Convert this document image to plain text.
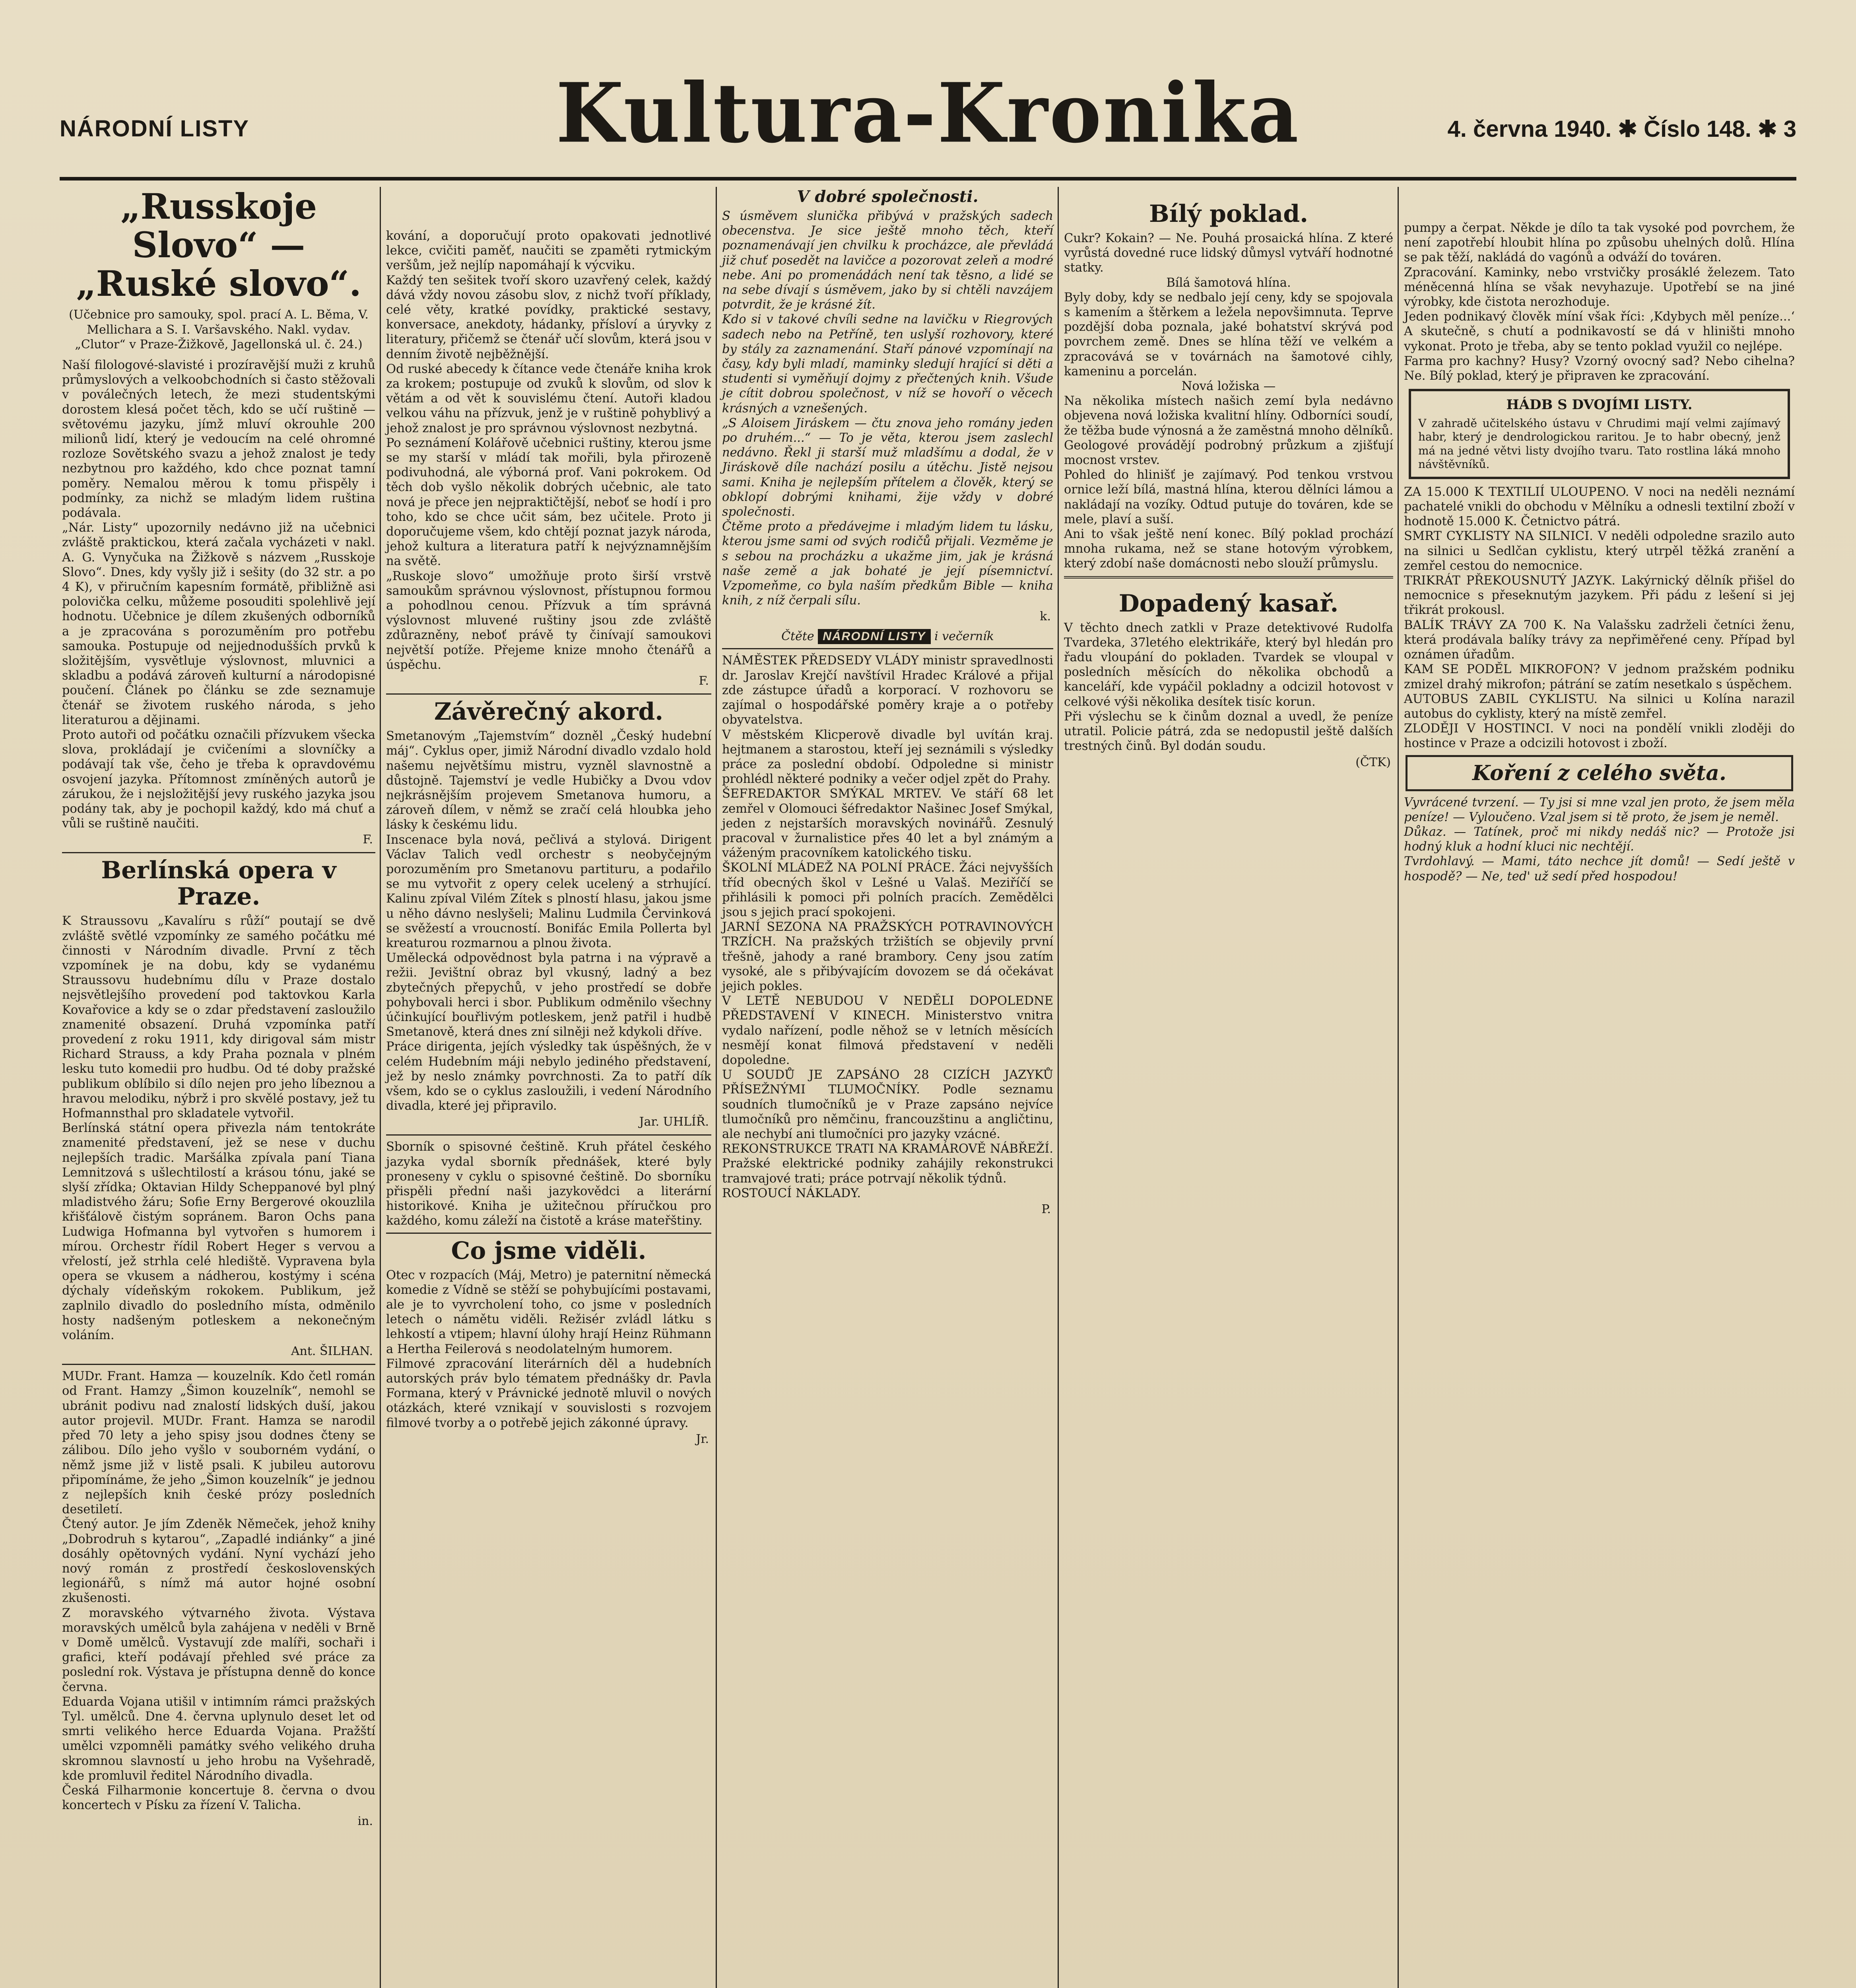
NÁRODNÍ LISTY	Kultura-Kronika	4. června 1940. ✱ Číslo 148. ✱ 3
„Russkoje Slovo“ — „Ruské slovo“.
(Učebnice pro samouky, spol. prací A. L. Běma, V. Mellichara a S. I. Varšavského. Nakl. vydav. „Clutor“ v Praze-Žižkově, Jagellonská ul. č. 24.)

Naší filologové-slavisté i prozíravější muži z kruhů průmyslových a velkoobchodních si často stěžovali v poválečných letech, že mezi studentskými dorostem klesá počet těch, kdo se učí ruštině — světovému jazyku, jímž mluví okrouhle 200 milionů lidí, který je vedoucím na celé ohromné rozloze Sovětského svazu a jehož znalost je tedy nezbytnou pro každého, kdo chce poznat tamní poměry. Nemalou měrou k tomu přispěly i podmínky, za nichž se mladým lidem ruština podávala.

„Nár. Listy“ upozornily nedávno již na učebnici zvláště praktickou, která začala vycházeti v nakl. A. G. Vynyčuka na Žižkově s názvem „Russkoje Slovo“. Dnes, kdy vyšly již i sešity (do 32 str. a po 4 K), v přiručním kapesním formátě, přibližně asi polovička celku, můžeme posouditi spolehlivě její hodnotu. Učebnice je dílem zkušených odborníků a je zpracována s porozuměním pro potřebu samouka. Postupuje od nejjednodušších prvků k složitějším, vysvětluje výslovnost, mluvnici a skladbu a podává zároveň kulturní a národopisné poučení. Článek po článku se zde seznamuje čtenář se životem ruského národa, s jeho literaturou a dějinami.

Proto autoři od počátku označili přízvukem všecka slova, prokládají je cvičeními a slovníčky a podávají tak vše, čeho je třeba k opravdovému osvojení jazyka. Přítomnost zmíněných autorů je zárukou, že i nejsložitější jevy ruského jazyka jsou podány tak, aby je pochopil každý, kdo má chuť a vůli se ruštině naučiti.

F.
Berlínská opera v Praze.

K Straussovu „Kavalíru s růží“ poutají se dvě zvláště světlé vzpomínky ze samého počátku mé činnosti v Národním divadle. První z těch vzpomínek je na dobu, kdy se vydanému Straussovu hudebnímu dílu v Praze dostalo nejsvětlejšího provedení pod taktovkou Karla Kovařovice a kdy se o zdar představení zasloužilo znamenité obsazení. Druhá vzpomínka patří provedení z roku 1911, kdy dirigoval sám mistr Richard Strauss, a kdy Praha poznala v plném lesku tuto komedii pro hudbu. Od té doby pražské publikum oblíbilo si dílo nejen pro jeho líbeznou a hravou melodiku, nýbrž i pro skvělé postavy, jež tu Hofmannsthal pro skladatele vytvořil.

Berlínská státní opera přivezla nám tentokráte znamenité představení, jež se nese v duchu nejlepších tradic. Maršálka zpívala paní Tiana Lemnitzová s ušlechtilostí a krásou tónu, jaké se slyší zřídka; Oktavian Hildy Scheppanové byl plný mladistvého žáru; Sofie Erny Bergerové okouzlila křišťálově čistým sopránem. Baron Ochs pana Ludwiga Hofmanna byl vytvořen s humorem i mírou. Orchestr řídil Robert Heger s vervou a vřelostí, jež strhla celé hlediště. Vypravena byla opera se vkusem a nádherou, kostýmy i scéna dýchaly vídeňským rokokem. Publikum, jež zaplnilo divadlo do posledního místa, odměnilo hosty nadšeným potleskem a nekonečným voláním.

Ant. ŠILHAN.

MUDr. Frant. Hamza — kouzelník. Kdo četl román od Frant. Hamzy „Šimon kouzelník“, nemohl se ubránit podivu nad znalostí lidských duší, jakou autor projevil. MUDr. Frant. Hamza se narodil před 70 lety a jeho spisy jsou dodnes čteny se zálibou. Dílo jeho vyšlo v souborném vydání, o němž jsme již v listě psali. K jubileu autorovu připomínáme, že jeho „Šimon kouzelník“ je jednou z nejlepších knih české prózy posledních desetiletí.

Čtený autor. Je jím Zdeněk Němeček, jehož knihy „Dobrodruh s kytarou“, „Zapadlé indiánky“ a jiné dosáhly opětovných vydání. Nyní vychází jeho nový román z prostředí československých legionářů, s nímž má autor hojné osobní zkušenosti.

Z moravského výtvarného života. Výstava moravských umělců byla zahájena v neděli v Brně v Domě umělců. Vystavují zde malíři, sochaři i grafici, kteří podávají přehled své práce za poslední rok. Výstava je přístupna denně do konce června.

Eduarda Vojana utišil v intimním rámci pražských Tyl. umělců. Dne 4. června uplynulo deset let od smrti velikého herce Eduarda Vojana. Pražští umělci vzpomněli památky svého velikého druha skromnou slavností u jeho hrobu na Vyšehradě, kde promluvil ředitel Národního divadla.

Česká Filharmonie koncertuje 8. června o dvou koncertech v Písku za řízení V. Talicha.

in.

kování, a doporučují proto opakovati jednotlivé lekce, cvičiti paměť, naučiti se zpaměti rytmickým veršům, jež nejlíp napomáhají k výcviku.

Každý ten sešitek tvoří skoro uzavřený celek, každý dává vždy novou zásobu slov, z nichž tvoří příklady, celé věty, kratké povídky, praktické sestavy, konversace, anekdoty, hádanky, přísloví a úryvky z literatury, přičemž se čtenář učí slovům, která jsou v denním životě nejběžnější.

Od ruské abecedy k čítance vede čtenáře kniha krok za krokem; postupuje od zvuků k slovům, od slov k větám a od vět k souvislému čtení. Autoři kladou velkou váhu na přízvuk, jenž je v ruštině pohyblivý a jehož znalost je pro správnou výslovnost nezbytná.

Po seznámení Kolářově učebnici ruštiny, kterou jsme se my starší v mládí tak mořili, byla přirozeně podivuhodná, ale výborná prof. Vani pokrokem. Od těch dob vyšlo několik dobrých učebnic, ale tato nová je přece jen nejpraktičtější, neboť se hodí i pro toho, kdo se chce učit sám, bez učitele. Proto ji doporučujeme všem, kdo chtějí poznat jazyk národa, jehož kultura a literatura patří k nejvýznamnějším na světě.

„Ruskoje slovo“ umožňuje proto širší vrstvě samoukům správnou výslovnost, přístupnou formou a pohodlnou cenou. Přízvuk a tím správná výslovnost mluvené ruštiny jsou zde zvláště zdůrazněny, neboť právě ty činívají samoukovi největší potíže. Přejeme knize mnoho čtenářů a úspěchu.

F.
Závěrečný akord.

Smetanovým „Tajemstvím“ dozněl „Český hudební máj“. Cyklus oper, jimiž Národní divadlo vzdalo hold našemu největšímu mistru, vyzněl slavnostně a důstojně. Tajemství je vedle Hubičky a Dvou vdov nejkrásnějším projevem Smetanova humoru, a zároveň dílem, v němž se zračí celá hloubka jeho lásky k českému lidu.

Inscenace byla nová, pečlivá a stylová. Dirigent Václav Talich vedl orchestr s neobyčejným porozuměním pro Smetanovu partituru, a podařilo se mu vytvořit z opery celek ucelený a strhující. Kalinu zpíval Vilém Zítek s plností hlasu, jakou jsme u něho dávno neslyšeli; Malinu Ludmila Červinková se svěžestí a vroucností. Bonifác Emila Pollerta byl kreaturou rozmarnou a plnou života.

Umělecká odpovědnost byla patrna i na výpravě a režii. Jevištní obraz byl vkusný, ladný a bez zbytečných přepychů, v jeho prostředí se dobře pohybovali herci i sbor. Publikum odměnilo všechny účinkující bouřlivým potleskem, jenž patřil i hudbě Smetanově, která dnes zní silněji než kdykoli dříve.

Práce dirigenta, jejích výsledky tak úspěšných, že v celém Hudebním máji nebylo jediného představení, jež by neslo známky povrchnosti. Za to patří dík všem, kdo se o cyklus zasloužili, i vedení Národního divadla, které jej připravilo.

Jar. UHLÍŘ.

Sborník o spisovné češtině. Kruh přátel českého jazyka vydal sborník přednášek, které byly proneseny v cyklu o spisovné češtině. Do sborníku přispěli přední naši jazykovědci a literární historikové. Kniha je užitečnou příručkou pro každého, komu záleží na čistotě a kráse mateřštiny.

Co jsme viděli.

Otec v rozpacích (Máj, Metro) je paternitní německá komedie z Vídně se stěží se pohybujícími postavami, ale je to vyvrcholení toho, co jsme v posledních letech o námětu viděli. Režisér zvládl látku s lehkostí a vtipem; hlavní úlohy hrají Heinz Rühmann a Hertha Feilerová s neodolatelným humorem.

Filmové zpracování literárních děl a hudebních autorských práv bylo tématem přednášky dr. Pavla Formana, který v Právnické jednotě mluvil o nových otázkách, které vznikají v souvislosti s rozvojem filmové tvorby a o potřebě jejich zákonné úpravy.

Jr.
V dobré společnosti.

S úsměvem slunička přibývá v pražských sadech obecenstva. Je sice ještě mnoho těch, kteří poznamenávají jen chvilku k procházce, ale převládá již chuť posedět na lavičce a pozorovat zeleň a modré nebe. Ani po promenádách není tak těsno, a lidé se na sebe dívají s úsměvem, jako by si chtěli navzájem potvrdit, že je krásné žít.

Kdo si v takové chvíli sedne na lavičku v Riegrových sadech nebo na Petříně, ten uslyší rozhovory, které by stály za zaznamenání. Staří pánové vzpomínají na časy, kdy byli mladí, maminky sledují hrající si děti a studenti si vyměňují dojmy z přečtených knih. Všude je cítit dobrou společnost, v níž se hovoří o věcech krásných a vznešených.

„S Aloisem Jiráskem — čtu znova jeho romány jeden po druhém...“ — To je věta, kterou jsem zaslechl nedávno. Řekl ji starší muž mladšímu a dodal, že v Jiráskově díle nachází posilu a útěchu. Jistě nejsou sami. Kniha je nejlepším přítelem a člověk, který se obklopí dobrými knihami, žije vždy v dobré společnosti.

Čtěme proto a předávejme i mladým lidem tu lásku, kterou jsme sami od svých rodičů přijali. Vezměme je s sebou na procházku a ukažme jim, jak je krásná naše země a jak bohaté je její písemnictví. Vzpomeňme, co byla naším předkům Bible — kniha knih, z níž čerpali sílu.

k.
Čtěte NÁRODNÍ LISTY i večerník

NÁMĚSTEK PŘEDSEDY VLÁDY ministr spravedlnosti dr. Jaroslav Krejčí navštívil Hradec Králové a přijal zde zástupce úřadů a korporací. V rozhovoru se zajímal o hospodářské poměry kraje a o potřeby obyvatelstva.

V městském Klicperově divadle byl uvítán kraj. hejtmanem a starostou, kteří jej seznámili s výsledky práce za poslední období. Odpoledne si ministr prohlédl některé podniky a večer odjel zpět do Prahy.

ŠEFREDAKTOR SMÝKAL MRTEV. Ve stáří 68 let zemřel v Olomouci šéfredaktor Našinec Josef Smýkal, jeden z nejstarších moravských novinářů. Zesnulý pracoval v žurnalistice přes 40 let a byl známým a váženým pracovníkem katolického tisku.

ŠKOLNÍ MLÁDEŽ NA POLNÍ PRÁCE. Žáci nejvyšších tříd obecných škol v Lešné u Valaš. Meziříčí se přihlásili k pomoci při polních pracích. Zemědělci jsou s jejich prací spokojeni.

JARNÍ SEZONA NA PRAŽSKÝCH POTRAVINOVÝCH TRZÍCH. Na pražských tržištích se objevily první třešně, jahody a rané brambory. Ceny jsou zatím vysoké, ale s přibývajícím dovozem se dá očekávat jejich pokles.

V LETĚ NEBUDOU V NEDĚLI DOPOLEDNE PŘEDSTAVENÍ V KINECH. Ministerstvo vnitra vydalo nařízení, podle něhož se v letních měsících nesmějí konat filmová představení v neděli dopoledne.

U SOUDŮ JE ZAPSÁNO 28 CIZÍCH JAZYKŮ PŘÍSEŽNÝMI TLUMOČNÍKY. Podle seznamu soudních tlumočníků je v Praze zapsáno nejvíce tlumočníků pro němčinu, francouzštinu a angličtinu, ale nechybí ani tlumočníci pro jazyky vzácné.

REKONSTRUKCE TRATI NA KRAMÁROVĚ NÁBŘEŽÍ. Pražské elektrické podniky zahájily rekonstrukci tramvajové trati; práce potrvají několik týdnů.

ROSTOUCÍ NÁKLADY.

P.
Bílý poklad.

Cukr? Kokain? — Ne. Pouhá prosaická hlína. Z které vyrůstá dovedné ruce lidský důmysl vytváří hodnotné statky.

Bílá šamotová hlína.

Byly doby, kdy se nedbalo její ceny, kdy se spojovala s kamením a štěrkem a ležela nepovšimnuta. Teprve pozdější doba poznala, jaké bohatství skrývá pod povrchem země. Dnes se hlína těží ve velkém a zpracovává se v továrnách na šamotové cihly, kameninu a porcelán.

Nová ložiska —

Na několika místech našich zemí byla nedávno objevena nová ložiska kvalitní hlíny. Odborníci soudí, že těžba bude výnosná a že zaměstná mnoho dělníků. Geologové provádějí podrobný průzkum a zjišťují mocnost vrstev.

Pohled do hlinišť je zajímavý. Pod tenkou vrstvou ornice leží bílá, mastná hlína, kterou dělníci lámou a nakládají na vozíky. Odtud putuje do továren, kde se mele, plaví a suší.

Ani to však ještě není konec. Bílý poklad prochází mnoha rukama, než se stane hotovým výrobkem, který zdobí naše domácnosti nebo slouží průmyslu.

Dopadený kasař.

V těchto dnech zatkli v Praze detektivové Rudolfa Tvardeka, 37letého elektrikáře, který byl hledán pro řadu vloupání do pokladen. Tvardek se vloupal v posledních měsících do několika obchodů a kanceláří, kde vypáčil pokladny a odcizil hotovost v celkové výši několika desítek tisíc korun.

Při výslechu se k činům doznal a uvedl, že peníze utratil. Policie pátrá, zda se nedopustil ještě dalších trestných činů. Byl dodán soudu.

(ČTK)

pumpy a čerpat. Někde je dílo ta tak vysoké pod povrchem, že není zapotřebí hloubit hlína po způsobu uhelných dolů. Hlína se pak těží, nakládá do vagónů a odváží do továren.

Zpracování. Kaminky, nebo vrstvičky prosáklé železem. Tato méněcenná hlína se však nevyhazuje. Upotřebí se na jiné výrobky, kde čistota nerozhoduje.

Jeden podnikavý člověk míní však říci: ‚Kdybych měl peníze...‘ A skutečně, s chutí a podnikavostí se dá v hliništi mnoho vykonat. Proto je třeba, aby se tento poklad využil co nejlépe.

Farma pro kachny? Husy? Vzorný ovocný sad? Nebo cihelna? Ne. Bílý poklad, který je připraven ke zpracování.

HÁDB S DVOJÍMI LISTY.
V zahradě učitelského ústavu v Chrudimi mají velmi zajímavý habr, který je dendrologickou raritou. Je to habr obecný, jenž má na jedné větvi listy dvojího tvaru. Tato rostlina láká mnoho návštěvníků.

ZA 15.000 K TEXTILIÍ ULOUPENO. V noci na neděli neznámí pachatelé vnikli do obchodu v Mělníku a odnesli textilní zboží v hodnotě 15.000 K. Četnictvo pátrá.

SMRT CYKLISTY NA SILNICI. V neděli odpoledne srazilo auto na silnici u Sedlčan cyklistu, který utrpěl těžká zranění a zemřel cestou do nemocnice.

TRIKRÁT PŘEKOUSNUTÝ JAZYK. Lakýrnický dělník přišel do nemocnice s přeseknutým jazykem. Při pádu z lešení si jej třikrát prokousl.

BALÍK TRÁVY ZA 700 K. Na Valašsku zadrželi četníci ženu, která prodávala balíky trávy za nepřiměřené ceny. Případ byl oznámen úřadům.

KAM SE PODĚL MIKROFON? V jednom pražském podniku zmizel drahý mikrofon; pátrání se zatím nesetkalo s úspěchem.

AUTOBUS ZABIL CYKLISTU. Na silnici u Kolína narazil autobus do cyklisty, který na místě zemřel.

ZLODĚJI V HOSTINCI. V noci na pondělí vnikli zloději do hostince v Praze a odcizili hotovost i zboží.

Koření z celého světa.

Vyvrácené tvrzení. — Ty jsi si mne vzal jen proto, že jsem měla peníze! — Vyloučeno. Vzal jsem si tě proto, že jsem je neměl.

Důkaz. — Tatínek, proč mi nikdy nedáš nic? — Protože jsi hodný kluk a hodní kluci nic nechtějí.

Tvrdohlavý. — Mami, táto nechce jít domů! — Sedí ještě v hospodě? — Ne, ted' už sedí před hospodou!
